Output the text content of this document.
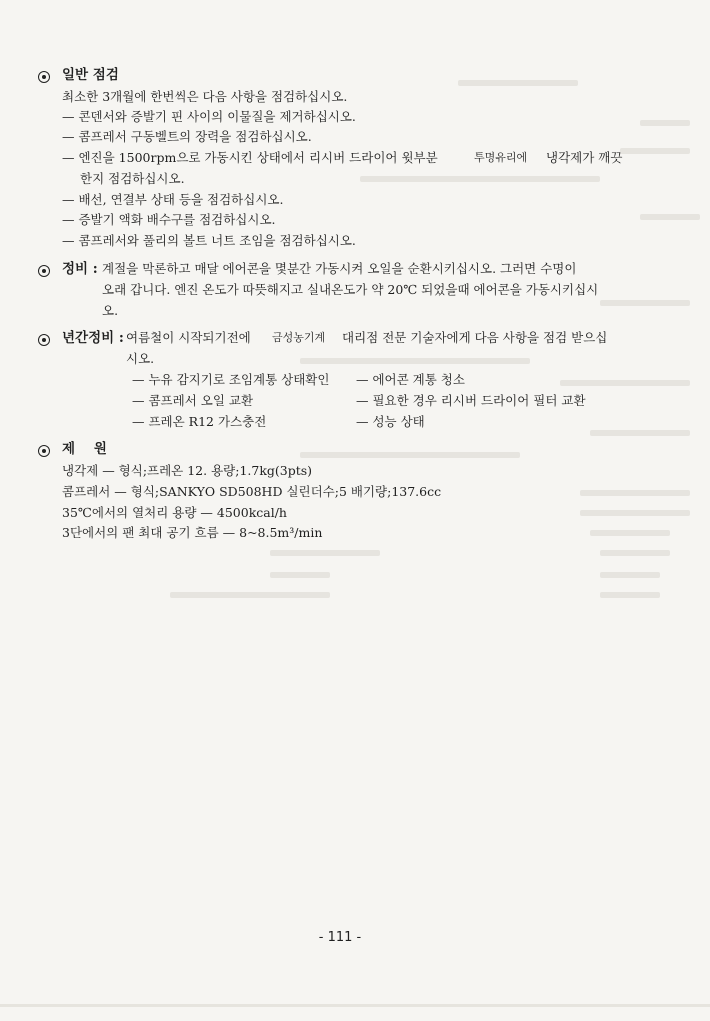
일반 점검
최소한 3개월에 한번씩은 다음 사항을 점검하십시오.
— 콘덴서와 증발기 핀 사이의 이물질을 제거하십시오.
— 콤프레서 구동벨트의 장력을 점검하십시오.
— 엔진을 1500rpm으로 가동시킨 상태에서 리시버 드라이어 윗부분	투명유리에 냉각제가 깨끗
한지 점검하십시오.
— 배선, 연결부 상태 등을 점검하십시오.
— 증발기 액화 배수구를 점검하십시오.
— 콤프레서와 풀리의 볼트 너트 조임을 점검하십시오.
정비 : 계절을 막론하고 매달 에어콘을 몇분간 가동시켜 오일을 순환시키십시오. 그러면 수명이
오래 갑니다. 엔진 온도가 따뜻해지고 실내온도가 약 20℃ 되었을때 에어콘을 가동시키십시
오.
년간정비 : 여름철이 시작되기전에 금성농기계 대리점 전문 기술자에게 다음 사항을 점검 받으십
시오.
— 누유 감지기로 조임계통 상태확인 — 에어콘 계통 청소
— 콤프레서 오일 교환	— 필요한 경우 리시버 드라이어 필터 교환
— 프레온 R12 가스충전	— 성능 상태
제    원
냉각제 — 형식;프레온 12. 용량;1.7kg(3pts)
콤프레서 — 형식;SANKYO SD508HD 실린더수;5 배기량;137.6cc
35℃에서의 열처리 용량 — 4500kcal/h
3단에서의 팬 최대 공기 흐름 — 8~8.5m³/min
- 111 -
